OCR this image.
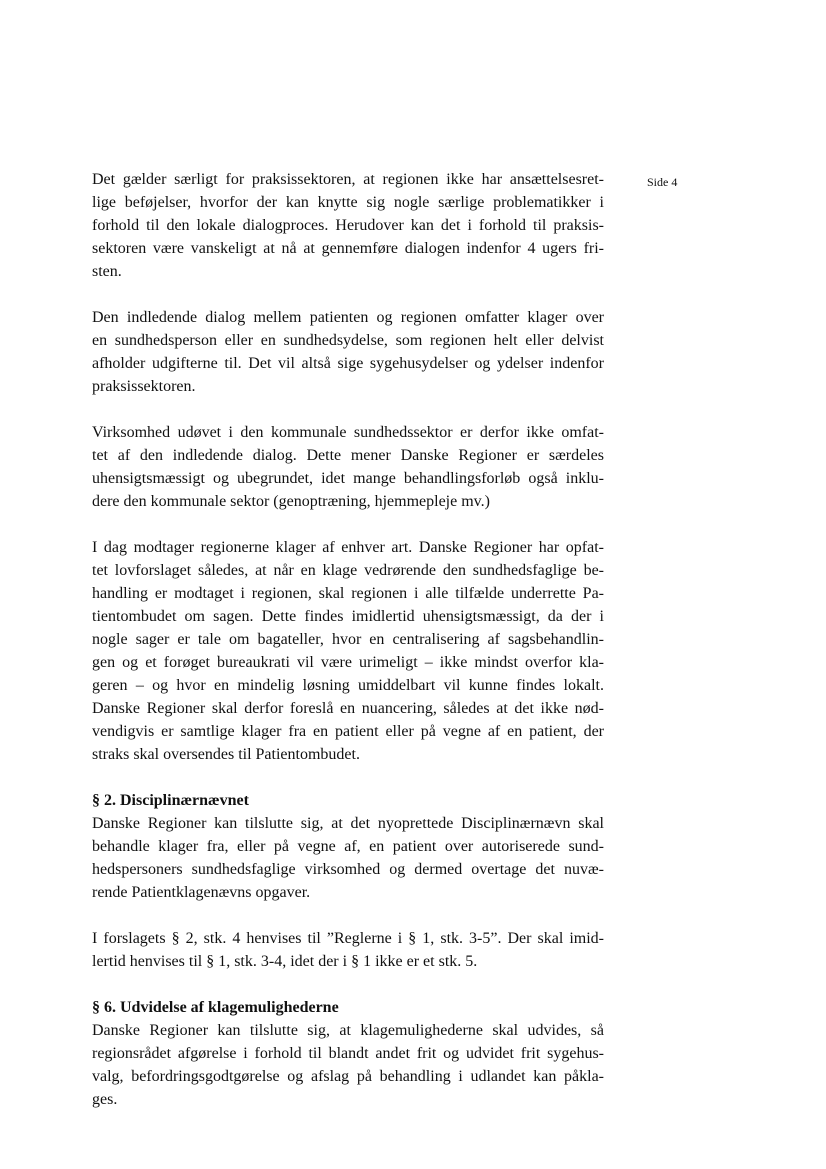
Side 4

Det gælder særligt for praksissektoren, at regionen ikke har ansættelsesret-
lige beføjelser, hvorfor der kan knytte sig nogle særlige problematikker i
forhold til den lokale dialogproces. Herudover kan det i forhold til praksis-
sektoren være vanskeligt at nå at gennemføre dialogen indenfor 4 ugers fri-
sten.

Den indledende dialog mellem patienten og regionen omfatter klager over
en sundhedsperson eller en sundhedsydelse, som regionen helt eller delvist
afholder udgifterne til. Det vil altså sige sygehusydelser og ydelser indenfor
praksissektoren.

Virksomhed udøvet i den kommunale sundhedssektor er derfor ikke omfat-
tet af den indledende dialog. Dette mener Danske Regioner er særdeles
uhensigtsmæssigt og ubegrundet, idet mange behandlingsforløb også inklu-
dere den kommunale sektor (genoptræning, hjemmepleje mv.)

I dag modtager regionerne klager af enhver art. Danske Regioner har opfat-
tet lovforslaget således, at når en klage vedrørende den sundhedsfaglige be-
handling er modtaget i regionen, skal regionen i alle tilfælde underrette Pa-
tientombudet om sagen. Dette findes imidlertid uhensigtsmæssigt, da der i
nogle sager er tale om bagateller, hvor en centralisering af sagsbehandlin-
gen og et forøget bureaukrati vil være urimeligt – ikke mindst overfor kla-
geren – og hvor en mindelig løsning umiddelbart vil kunne findes lokalt.
Danske Regioner skal derfor foreslå en nuancering, således at det ikke nød-
vendigvis er samtlige klager fra en patient eller på vegne af en patient, der
straks skal oversendes til Patientombudet.

§ 2. Disciplinærnævnet
Danske Regioner kan tilslutte sig, at det nyoprettede Disciplinærnævn skal
behandle klager fra, eller på vegne af, en patient over autoriserede sund-
hedspersoners sundhedsfaglige virksomhed og dermed overtage det nuvæ-
rende Patientklagenævns opgaver.

I forslagets § 2, stk. 4 henvises til ”Reglerne i § 1, stk. 3-5”. Der skal imid-
lertid henvises til § 1, stk. 3-4, idet der i § 1 ikke er et stk. 5.

§ 6. Udvidelse af klagemulighederne
Danske Regioner kan tilslutte sig, at klagemulighederne skal udvides, så
regionsrådet afgørelse i forhold til blandt andet frit og udvidet frit sygehus-
valg, befordringsgodtgørelse og afslag på behandling i udlandet kan påkla-
ges.
